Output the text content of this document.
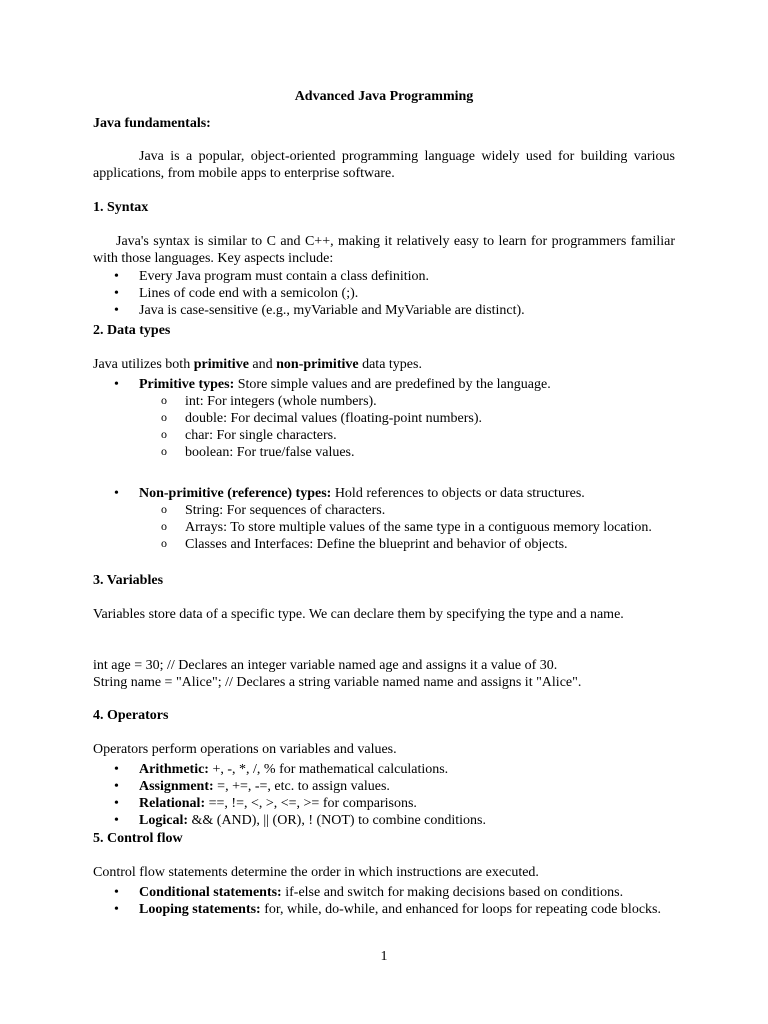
Advanced Java Programming

Java fundamentals:

Java is a popular, object-oriented programming language widely used for building various applications, from mobile apps to enterprise software.

1. Syntax

Java's syntax is similar to C and C++, making it relatively easy to learn for programmers familiar with those languages. Key aspects include:

• Every Java program must contain a class definition.
• Lines of code end with a semicolon (;).
• Java is case-sensitive (e.g., myVariable and MyVariable are distinct).

2. Data types

Java utilizes both primitive and non-primitive data types.

• Primitive types: Store simple values and are predefined by the language.
o int: For integers (whole numbers).
o double: For decimal values (floating-point numbers).
o char: For single characters.
o boolean: For true/false values.
• Non-primitive (reference) types: Hold references to objects or data structures.
o String: For sequences of characters.
o Arrays: To store multiple values of the same type in a contiguous memory location.
o Classes and Interfaces: Define the blueprint and behavior of objects.

3. Variables

Variables store data of a specific type. We can declare them by specifying the type and a name.

int age = 30; // Declares an integer variable named age and assigns it a value of 30.

String name = "Alice"; // Declares a string variable named name and assigns it "Alice".

4. Operators

Operators perform operations on variables and values.

• Arithmetic: +, -, *, /, % for mathematical calculations.
• Assignment: =, +=, -=, etc. to assign values.
• Relational: ==, !=, <, >, <=, >= for comparisons.
• Logical: && (AND), || (OR), ! (NOT) to combine conditions.

5. Control flow

Control flow statements determine the order in which instructions are executed.

• Conditional statements: if-else and switch for making decisions based on conditions.
• Looping statements: for, while, do-while, and enhanced for loops for repeating code blocks.
1
